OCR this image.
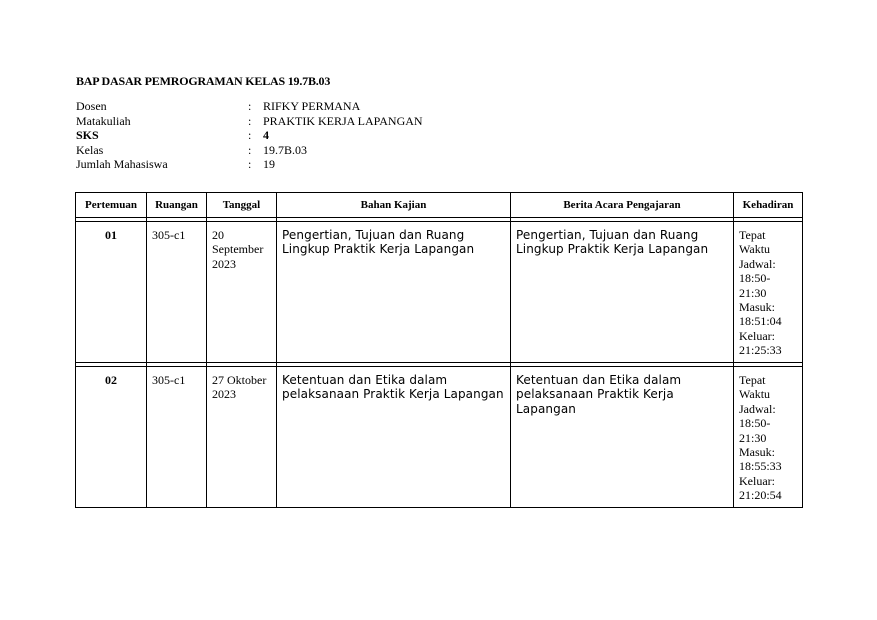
BAP DASAR PEMROGRAMAN KELAS 19.7B.03
Dosen	: RIFKY PERMANA
Matakuliah	: PRAKTIK KERJA LAPANGAN
SKS	: 4
Kelas	: 19.7B.03
Jumlah Mahasiswa	: 19
Pertemuan	Ruangan	Tanggal	Bahan Kajian	Berita Acara Pengajaran	Kehadiran

01	305-c1	20 September 2023	Pengertian, Tujuan dan Ruang Lingkup Praktik Kerja Lapangan	Pengertian, Tujuan dan Ruang Lingkup Praktik Kerja Lapangan	Tepat Waktu
Jadwal: 18:50-21:30
Masuk: 18:51:04
Keluar: 21:25:33

02	305-c1	27 Oktober 2023	Ketentuan dan Etika dalam pelaksanaan Praktik Kerja Lapangan	Ketentuan dan Etika dalam pelaksanaan Praktik Kerja Lapangan	Tepat Waktu
Jadwal: 18:50-21:30
Masuk: 18:55:33
Keluar: 21:20:54
